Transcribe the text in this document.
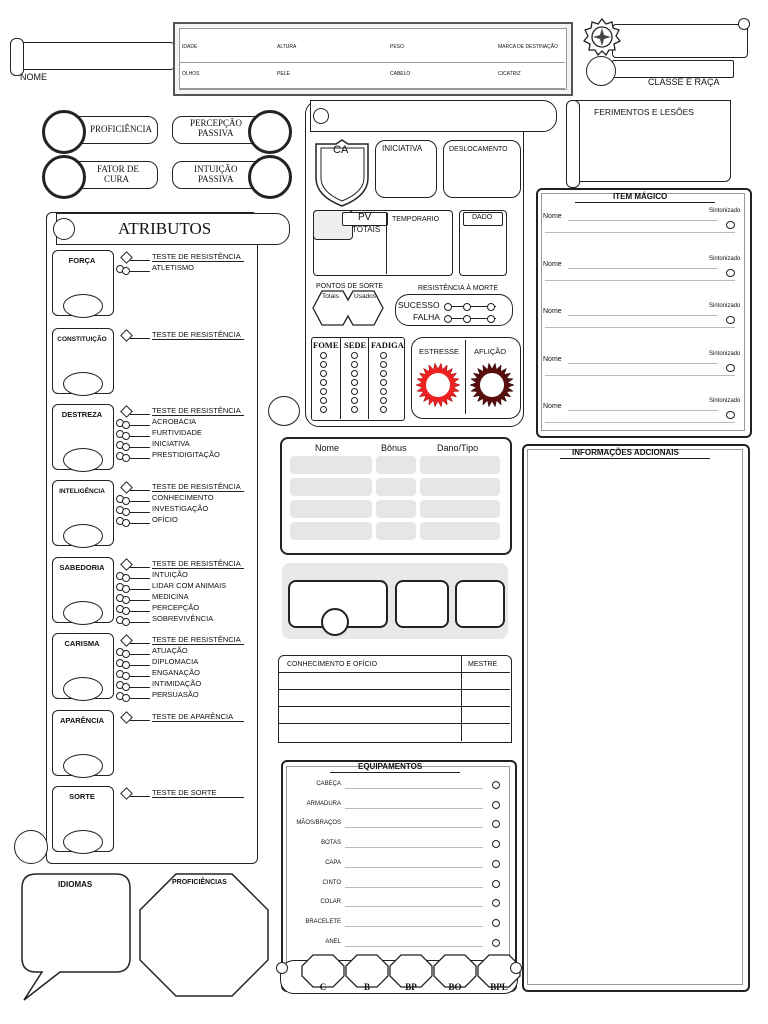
NOME
IDADE	ALTURA	PESO	MARCA DE DESTINAÇÃO
OLHOS	PELE	CABELO	CICATRIZ
CLASSE E RAÇA
PROFICIÊNCIA
PERCEPÇÃO
PASSIVA
FATOR DE
CURA
INTUIÇÃO
PASSIVA
ATRIBUTOS
FORÇA	TESTE DE RESISTÊNCIA
ATLETISMO
CONSTITUIÇÃO
TESTE DE RESISTÊNCIA
DESTREZA	TESTE DE RESISTÊNCIA
ACROBACIA
FURTIVIDADE
INICIATIVA
PRESTIDIGITAÇÃO
INTELIGÊNCIA
TESTE DE RESISTÊNCIA
CONHECIMENTO
INVESTIGAÇÃO
OFÍCIO
SABEDORIA	TESTE DE RESISTÊNCIA
INTUIÇÃO
LIDAR COM ANIMAIS
MEDICINA
PERCEPÇÃO
SOBREVIVÊNCIA
CARISMA	TESTE DE RESISTÊNCIA
ATUAÇÃO
DIPLOMACIA
ENGANAÇÃO
INTIMIDAÇÃO
PERSUASÃO
APARÊNCIA	TESTE DE APARÊNCIA
SORTE	TESTE DE SORTE
CA	INICIATIVA	DESLOCAMENTO
PV
TOTAIS
TEMPORARIO	DADO
PONTOS DE SORTE
Totais Usados
RESISTÊNCIA À MORTE
SUCESSO
FALHA
FOME SEDE FADIGA
ESTRESSE AFLIÇÃO
Nome	Bônus	Dano/Tipo
CONHECIMENTO E OFÍCIO	MESTRE
EQUIPAMENTOS
CABEÇA
ARMADURA
MÃOS/BRAÇOS
BOTAS
CAPA
CINTO
COLAR
BRACELETE
ANEL
C	B	BP	BO	BPL
FERIMENTOS E LESÕES
ITEM MÁGICO
Sintonizado
Nome
Sintonizado
Nome
Sintonizado
Nome
Sintonizado
Nome
Sintonizado
Nome
INFORMAÇÕES ADCIONAIS
IDIOMAS	PROFICIÊNCIAS
